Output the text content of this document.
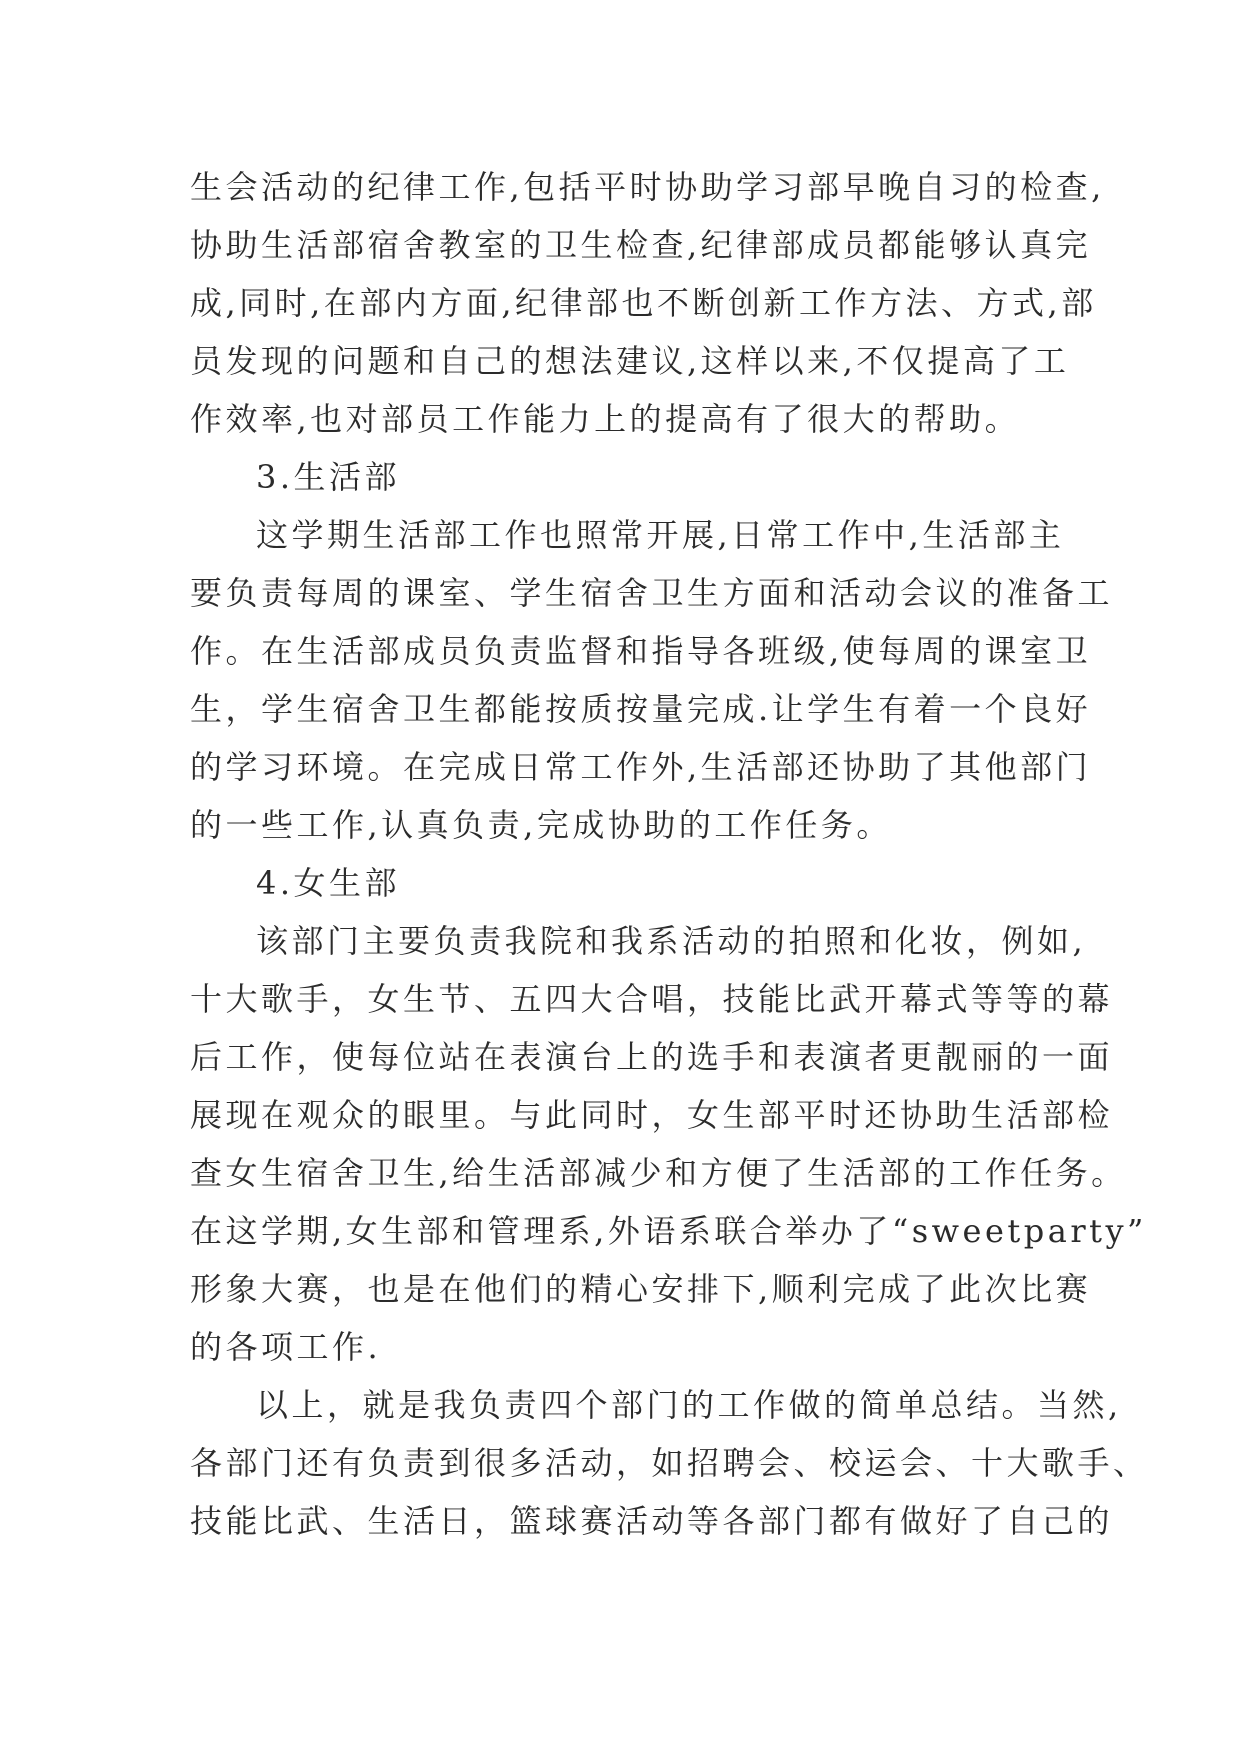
生会活动的纪律工作,包括平时协助学习部早晚自习的检查,
协助生活部宿舍教室的卫生检查,纪律部成员都能够认真完
成,同时,在部内方面,纪律部也不断创新工作方法、方式,部
员发现的问题和自己的想法建议,这样以来,不仅提高了工
作效率,也对部员工作能力上的提高有了很大的帮助。
3.生活部
这学期生活部工作也照常开展,日常工作中,生活部主
要负责每周的课室、学生宿舍卫生方面和活动会议的准备工
作。在生活部成员负责监督和指导各班级,使每周的课室卫
生，学生宿舍卫生都能按质按量完成.让学生有着一个良好
的学习环境。在完成日常工作外,生活部还协助了其他部门
的一些工作,认真负责,完成协助的工作任务。
4.女生部
该部门主要负责我院和我系活动的拍照和化妆，例如,
十大歌手，女生节、五四大合唱，技能比武开幕式等等的幕
后工作，使每位站在表演台上的选手和表演者更靓丽的一面
展现在观众的眼里。与此同时，女生部平时还协助生活部检
查女生宿舍卫生,给生活部减少和方便了生活部的工作任务。
在这学期,女生部和管理系,外语系联合举办了“sweetparty”
形象大赛，也是在他们的精心安排下,顺利完成了此次比赛
的各项工作.
以上，就是我负责四个部门的工作做的简单总结。当然,
各部门还有负责到很多活动，如招聘会、校运会、十大歌手、
技能比武、生活日，篮球赛活动等各部门都有做好了自己的
